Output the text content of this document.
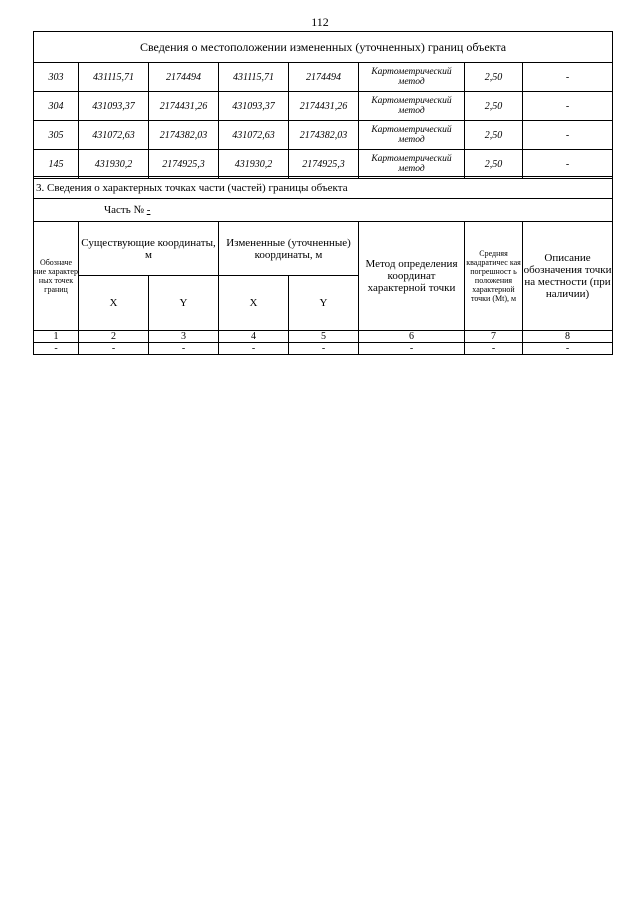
112
Сведения о местоположении измененных (уточненных) границ объекта							
303	431115,71	2174494	431115,71	2174494	Картометрический метод	2,50	-
304	431093,37	2174431,26	431093,37	2174431,26	Картометрический метод	2,50	-
305	431072,63	2174382,03	431072,63	2174382,03	Картометрический метод	2,50	-
145	431930,2	2174925,3	431930,2	2174925,3	Картометрический метод	2,50	-
3. Сведения о характерных точках части (частей) границы объекта							
Часть № -							
Обозначе ние характер ных точек границ	Существующие координаты, м		Измененные (уточненные) координаты, м		Метод определения координат характерной точки	Средняя квадратичес кая погрешност ь положения характерной точки (Mt), м	Описание обозначения точки на местности (при наличии)
	X	Y	X	Y			
1	2	3	4	5	6	7	8
-	-	-	-	-	-	-	-
